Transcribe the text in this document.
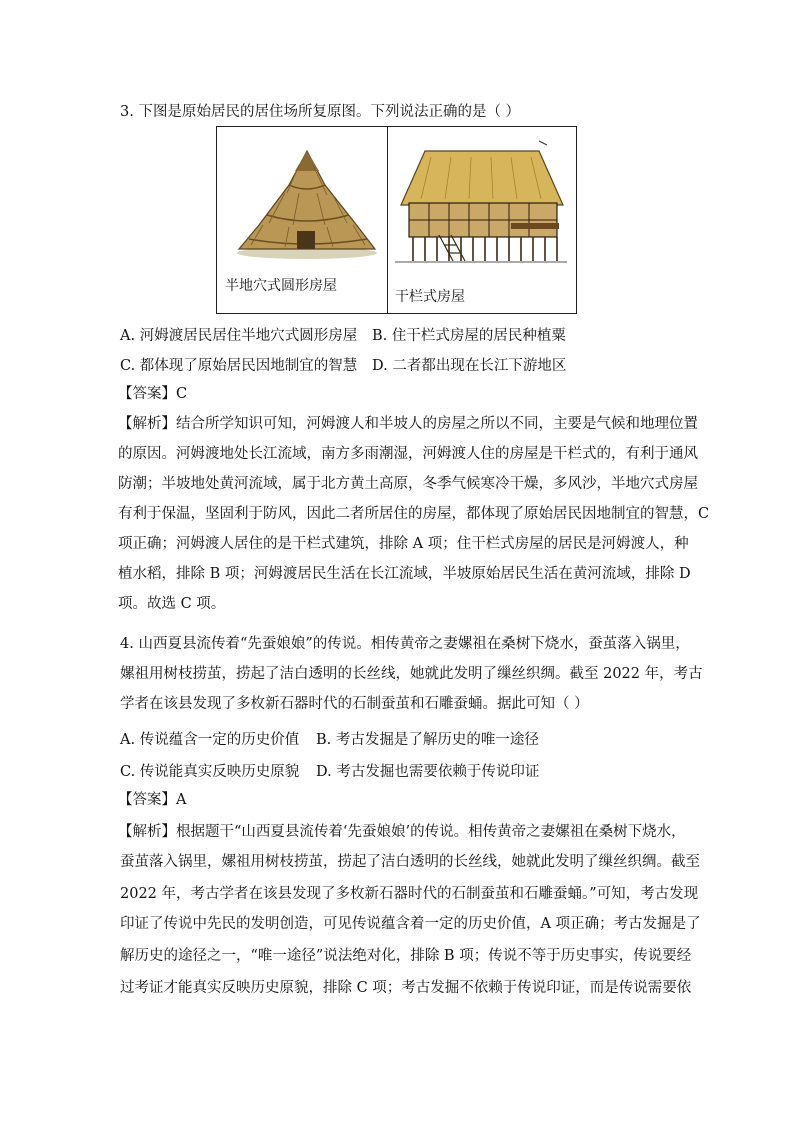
3. 下图是原始居民的居住场所复原图。下列说法正确的是（ ）
半地穴式圆形房屋
干栏式房屋
A. 河姆渡居民居住半地穴式圆形房屋 B. 住干栏式房屋的居民种植粟
C. 都体现了原始居民因地制宜的智慧 D. 二者都出现在长江下游地区
【答案】C
【解析】结合所学知识可知，河姆渡人和半坡人的房屋之所以不同，主要是气候和地理位置
的原因。河姆渡地处长江流域，南方多雨潮湿，河姆渡人住的房屋是干栏式的，有利于通风
防潮；半坡地处黄河流域，属于北方黄土高原，冬季气候寒冷干燥，多风沙，半地穴式房屋
有利于保温，坚固利于防风，因此二者所居住的房屋，都体现了原始居民因地制宜的智慧，C
项正确；河姆渡人居住的是干栏式建筑，排除 A 项；住干栏式房屋的居民是河姆渡人，种
植水稻，排除 B 项；河姆渡居民生活在长江流域，半坡原始居民生活在黄河流域，排除 D
项。故选 C 项。
4. 山西夏县流传着“先蚕娘娘”的传说。相传黄帝之妻嫘祖在桑树下烧水，蚕茧落入锅里，
嫘祖用树枝捞茧，捞起了洁白透明的长丝线，她就此发明了缫丝织绸。截至 2022 年，考古
学者在该县发现了多枚新石器时代的石制蚕茧和石雕蚕蛹。据此可知（ ）
A. 传说蕴含一定的历史价值 B. 考古发掘是了解历史的唯一途径
C. 传说能真实反映历史原貌 D. 考古发掘也需要依赖于传说印证
【答案】A
【解析】根据题干“山西夏县流传着‘先蚕娘娘’的传说。相传黄帝之妻嫘祖在桑树下烧水，
蚕茧落入锅里，嫘祖用树枝捞茧，捞起了洁白透明的长丝线，她就此发明了缫丝织绸。截至
2022 年，考古学者在该县发现了多枚新石器时代的石制蚕茧和石雕蚕蛹。”可知，考古发现
印证了传说中先民的发明创造，可见传说蕴含着一定的历史价值，A 项正确；考古发掘是了
解历史的途径之一，“唯一途径”说法绝对化，排除 B 项；传说不等于历史事实，传说要经
过考证才能真实反映历史原貌，排除 C 项；考古发掘不依赖于传说印证，而是传说需要依
